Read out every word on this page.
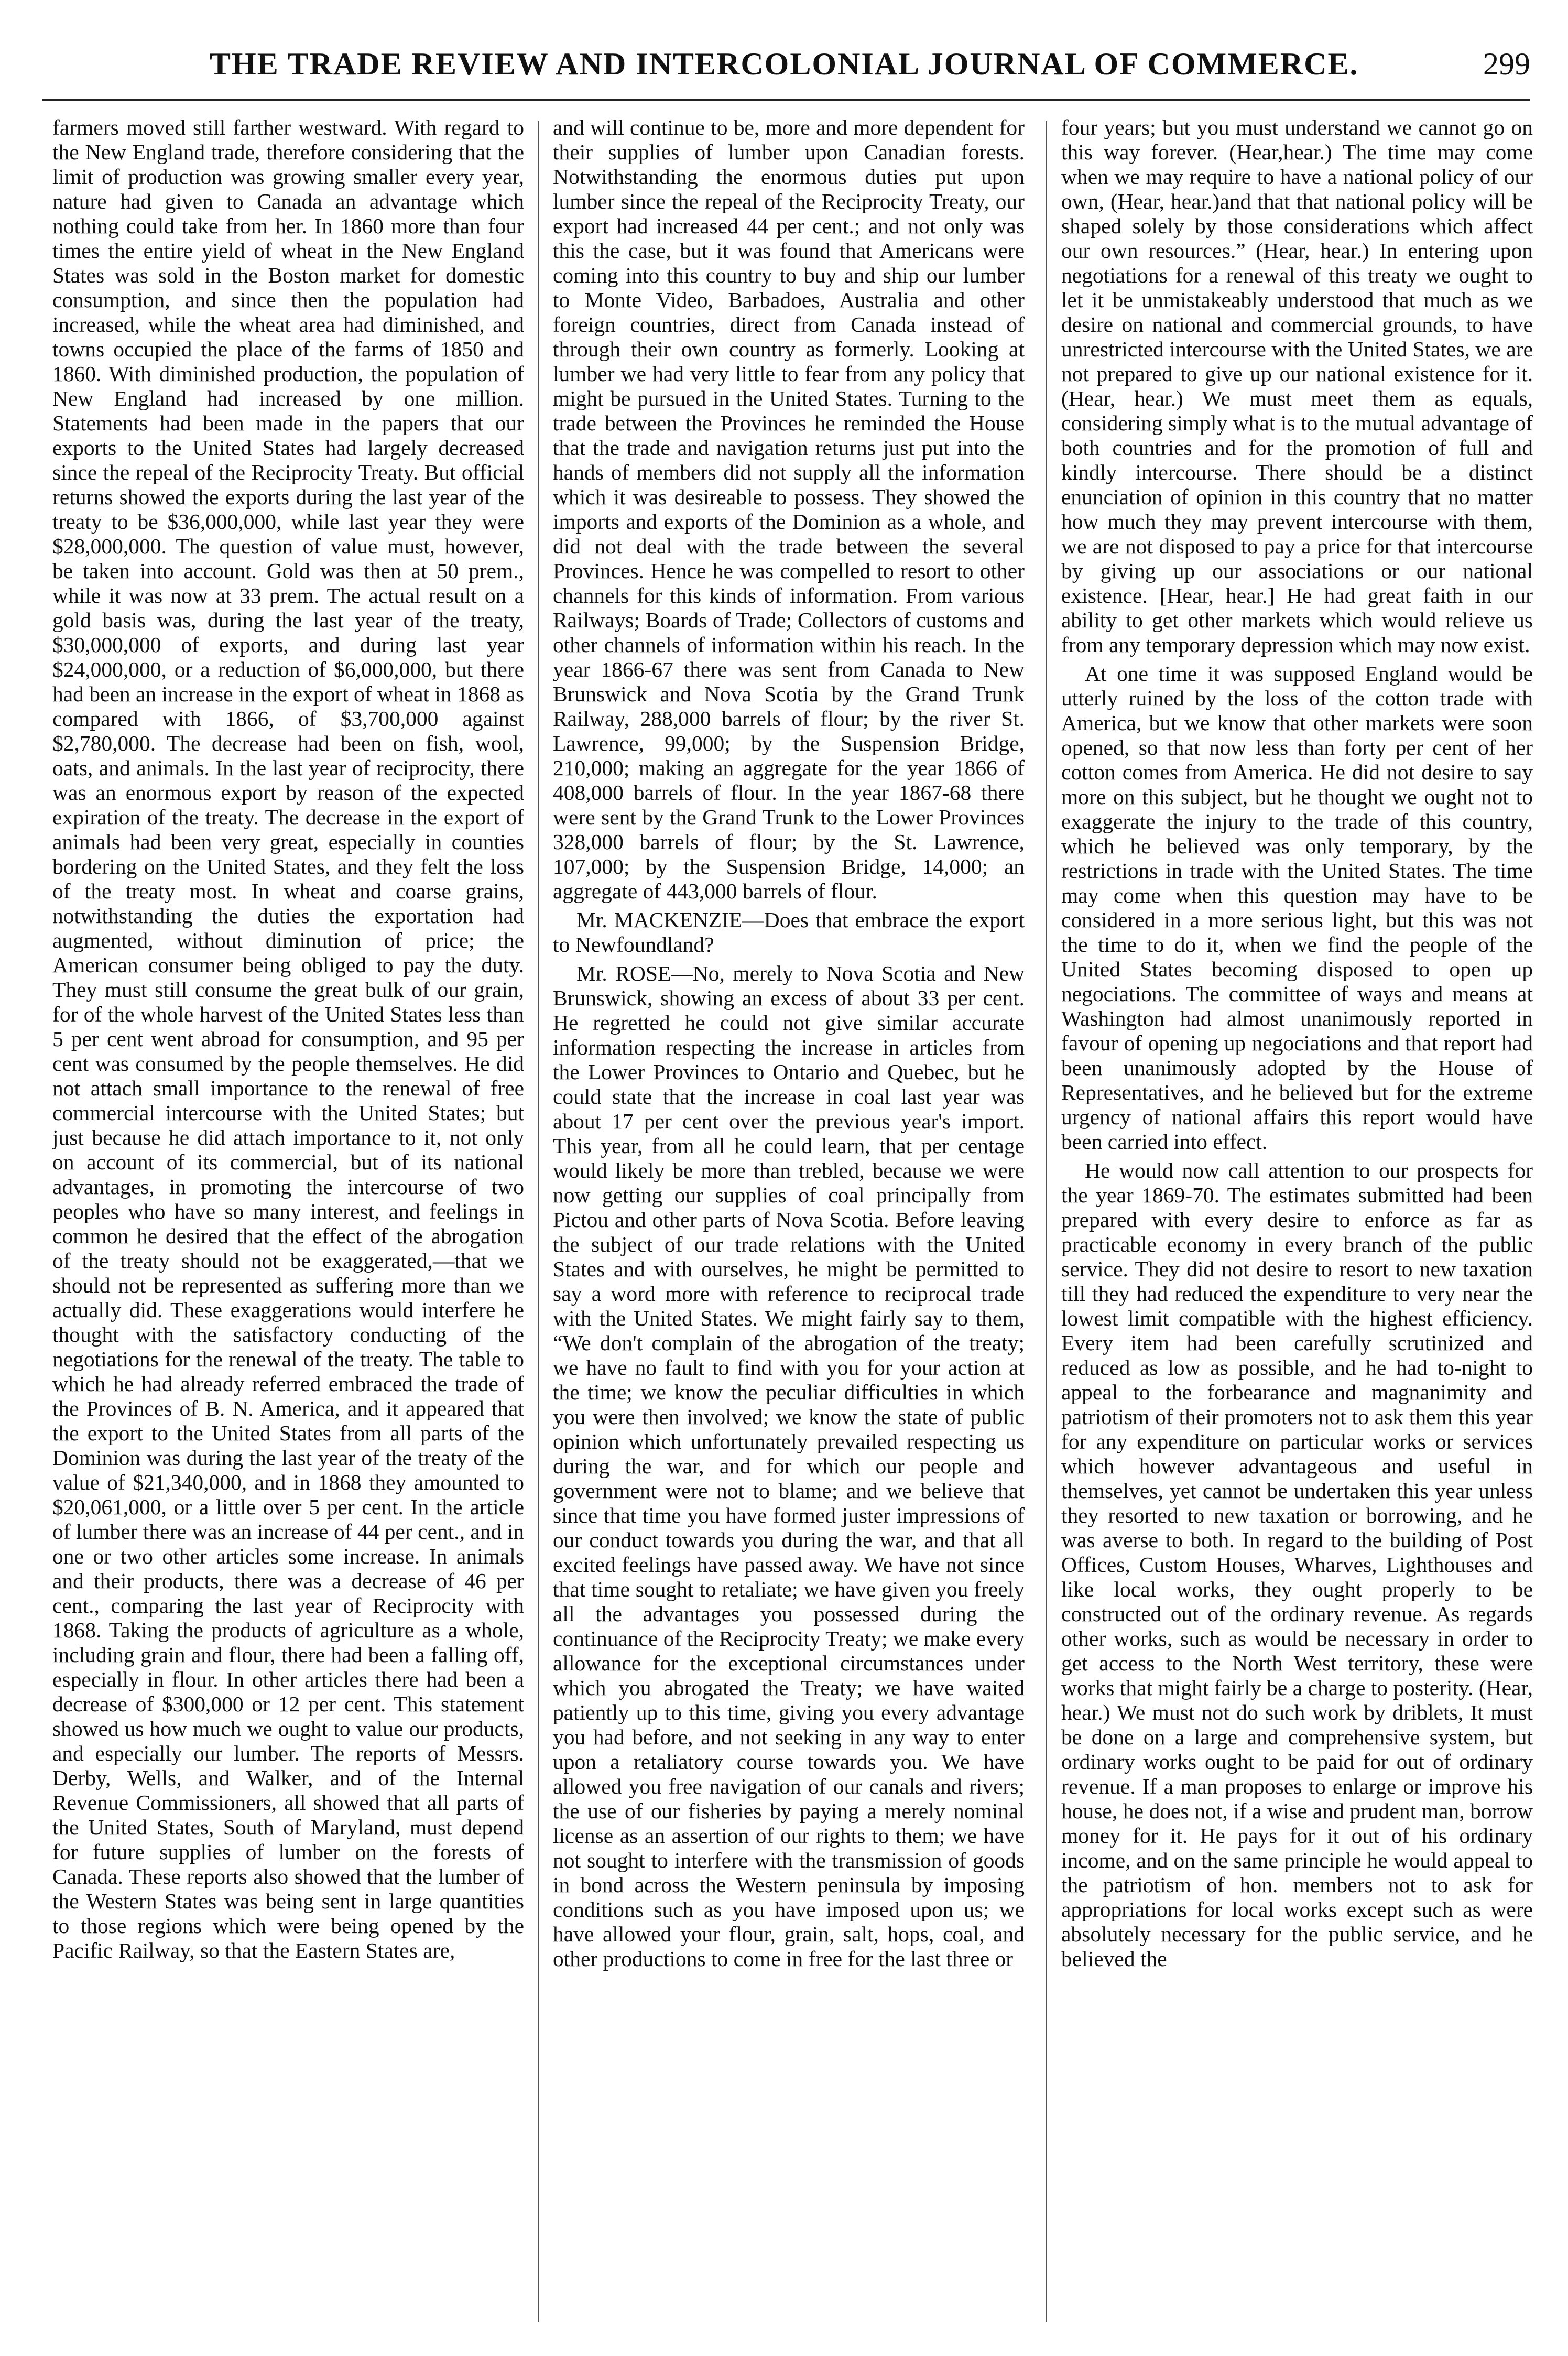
THE TRADE REVIEW AND INTERCOLONIAL JOURNAL OF COMMERCE.	299

farmers moved still farther westward. With regard to the New England trade, therefore considering that the limit of production was growing smaller every year, nature had given to Canada an advantage which nothing could take from her. In 1860 more than four times the entire yield of wheat in the New England States was sold in the Boston market for domestic consumption, and since then the population had increased, while the wheat area had diminished, and towns occupied the place of the farms of 1850 and 1860. With diminished production, the population of New England had increased by one million. Statements had been made in the papers that our exports to the United States had largely decreased since the repeal of the Reciprocity Treaty. But official returns showed the exports during the last year of the treaty to be $36,000,000, while last year they were $28,000,000. The question of value must, however, be taken into account. Gold was then at 50 prem., while it was now at 33 prem. The actual result on a gold basis was, during the last year of the treaty, $30,000,000 of exports, and during last year $24,000,000, or a reduction of $6,000,000, but there had been an increase in the export of wheat in 1868 as compared with 1866, of $3,700,000 against $2,780,000. The decrease had been on fish, wool, oats, and animals. In the last year of reciprocity, there was an enormous export by reason of the expected expiration of the treaty. The decrease in the export of animals had been very great, especially in counties bordering on the United States, and they felt the loss of the treaty most. In wheat and coarse grains, notwithstanding the duties the exportation had augmented, without diminution of price; the American consumer being obliged to pay the duty. They must still consume the great bulk of our grain, for of the whole harvest of the United States less than 5 per cent went abroad for consumption, and 95 per cent was consumed by the people themselves. He did not attach small importance to the renewal of free commercial intercourse with the United States; but just because he did attach importance to it, not only on account of its commercial, but of its national advantages, in promoting the intercourse of two peoples who have so many interest, and feelings in common he desired that the effect of the abrogation of the treaty should not be exaggerated,—that we should not be represented as suffering more than we actually did. These exaggerations would interfere he thought with the satisfactory conducting of the negotiations for the renewal of the treaty. The table to which he had already referred embraced the trade of the Provinces of B. N. America, and it appeared that the export to the United States from all parts of the Dominion was during the last year of the treaty of the value of $21,340,000, and in 1868 they amounted to $20,061,000, or a little over 5 per cent. In the article of lumber there was an increase of 44 per cent., and in one or two other articles some increase. In animals and their products, there was a decrease of 46 per cent., comparing the last year of Reciprocity with 1868. Taking the products of agriculture as a whole, including grain and flour, there had been a falling off, especially in flour. In other articles there had been a decrease of $300,000 or 12 per cent. This statement showed us how much we ought to value our products, and especially our lumber. The reports of Messrs. Derby, Wells, and Walker, and of the Internal Revenue Commissioners, all showed that all parts of the United States, South of Maryland, must depend for future supplies of lumber on the forests of Canada. These reports also showed that the lumber of the Western States was being sent in large quantities to those regions which were being opened by the Pacific Railway, so that the Eastern States are,

and will continue to be, more and more dependent for their supplies of lumber upon Canadian forests. Notwithstanding the enormous duties put upon lumber since the repeal of the Reciprocity Treaty, our export had increased 44 per cent.; and not only was this the case, but it was found that Americans were coming into this country to buy and ship our lumber to Monte Video, Barbadoes, Australia and other foreign countries, direct from Canada instead of through their own country as formerly. Looking at lumber we had very little to fear from any policy that might be pursued in the United States. Turning to the trade between the Provinces he reminded the House that the trade and navigation returns just put into the hands of members did not supply all the information which it was desireable to possess. They showed the imports and exports of the Dominion as a whole, and did not deal with the trade between the several Provinces. Hence he was compelled to resort to other channels for this kinds of information. From various Railways; Boards of Trade; Collectors of customs and other channels of information within his reach. In the year 1866-67 there was sent from Canada to New Brunswick and Nova Scotia by the Grand Trunk Railway, 288,000 barrels of flour; by the river St. Lawrence, 99,000; by the Suspension Bridge, 210,000; making an aggregate for the year 1866 of 408,000 barrels of flour. In the year 1867-68 there were sent by the Grand Trunk to the Lower Provinces 328,000 barrels of flour; by the St. Lawrence, 107,000; by the Suspension Bridge, 14,000; an aggregate of 443,000 barrels of flour.

Mr. MACKENZIE—Does that embrace the export to Newfoundland?

Mr. ROSE—No, merely to Nova Scotia and New Brunswick, showing an excess of about 33 per cent. He regretted he could not give similar accurate information respecting the increase in articles from the Lower Provinces to Ontario and Quebec, but he could state that the increase in coal last year was about 17 per cent over the previous year's import. This year, from all he could learn, that per centage would likely be more than trebled, because we were now getting our supplies of coal principally from Pictou and other parts of Nova Scotia. Before leaving the subject of our trade relations with the United States and with ourselves, he might be permitted to say a word more with reference to reciprocal trade with the United States. We might fairly say to them, “We don't complain of the abrogation of the treaty; we have no fault to find with you for your action at the time; we know the peculiar difficulties in which you were then involved; we know the state of public opinion which unfortunately prevailed respecting us during the war, and for which our people and government were not to blame; and we believe that since that time you have formed juster impressions of our conduct towards you during the war, and that all excited feelings have passed away. We have not since that time sought to retaliate; we have given you freely all the advantages you possessed during the continuance of the Reciprocity Treaty; we make every allowance for the exceptional circumstances under which you abrogated the Treaty; we have waited patiently up to this time, giving you every advantage you had before, and not seeking in any way to enter upon a retaliatory course towards you. We have allowed you free navigation of our canals and rivers; the use of our fisheries by paying a merely nominal license as an assertion of our rights to them; we have not sought to interfere with the transmission of goods in bond across the Western peninsula by imposing conditions such as you have imposed upon us; we have allowed your flour, grain, salt, hops, coal, and other productions to come in free for the last three or

four years; but you must understand we cannot go on this way forever. (Hear,hear.) The time may come when we may require to have a national policy of our own, (Hear, hear.)and that that national policy will be shaped solely by those considerations which affect our own resources.” (Hear, hear.) In entering upon negotiations for a renewal of this treaty we ought to let it be unmistakeably understood that much as we desire on national and commercial grounds, to have unrestricted intercourse with the United States, we are not prepared to give up our national existence for it. (Hear, hear.) We must meet them as equals, considering simply what is to the mutual advantage of both countries and for the promotion of full and kindly intercourse. There should be a distinct enunciation of opinion in this country that no matter how much they may prevent intercourse with them, we are not disposed to pay a price for that intercourse by giving up our associations or our national existence. [Hear, hear.] He had great faith in our ability to get other markets which would relieve us from any temporary depression which may now exist.

At one time it was supposed England would be utterly ruined by the loss of the cotton trade with America, but we know that other markets were soon opened, so that now less than forty per cent of her cotton comes from America. He did not desire to say more on this subject, but he thought we ought not to exaggerate the injury to the trade of this country, which he believed was only temporary, by the restrictions in trade with the United States. The time may come when this question may have to be considered in a more serious light, but this was not the time to do it, when we find the people of the United States becoming disposed to open up negociations. The committee of ways and means at Washington had almost unanimously reported in favour of opening up negociations and that report had been unanimously adopted by the House of Representatives, and he believed but for the extreme urgency of national affairs this report would have been carried into effect.

He would now call attention to our prospects for the year 1869-70. The estimates submitted had been prepared with every desire to enforce as far as practicable economy in every branch of the public service. They did not desire to resort to new taxation till they had reduced the expenditure to very near the lowest limit compatible with the highest efficiency. Every item had been carefully scrutinized and reduced as low as possible, and he had to-night to appeal to the forbearance and magnanimity and patriotism of their promoters not to ask them this year for any expenditure on particular works or services which however advantageous and useful in themselves, yet cannot be undertaken this year unless they resorted to new taxation or borrowing, and he was averse to both. In regard to the building of Post Offices, Custom Houses, Wharves, Lighthouses and like local works, they ought properly to be constructed out of the ordinary revenue. As regards other works, such as would be necessary in order to get access to the North West territory, these were works that might fairly be a charge to posterity. (Hear, hear.) We must not do such work by driblets, It must be done on a large and comprehensive system, but ordinary works ought to be paid for out of ordinary revenue. If a man proposes to enlarge or improve his house, he does not, if a wise and prudent man, borrow money for it. He pays for it out of his ordinary income, and on the same principle he would appeal to the patriotism of hon. members not to ask for appropriations for local works except such as were absolutely necessary for the public service, and he believed the
